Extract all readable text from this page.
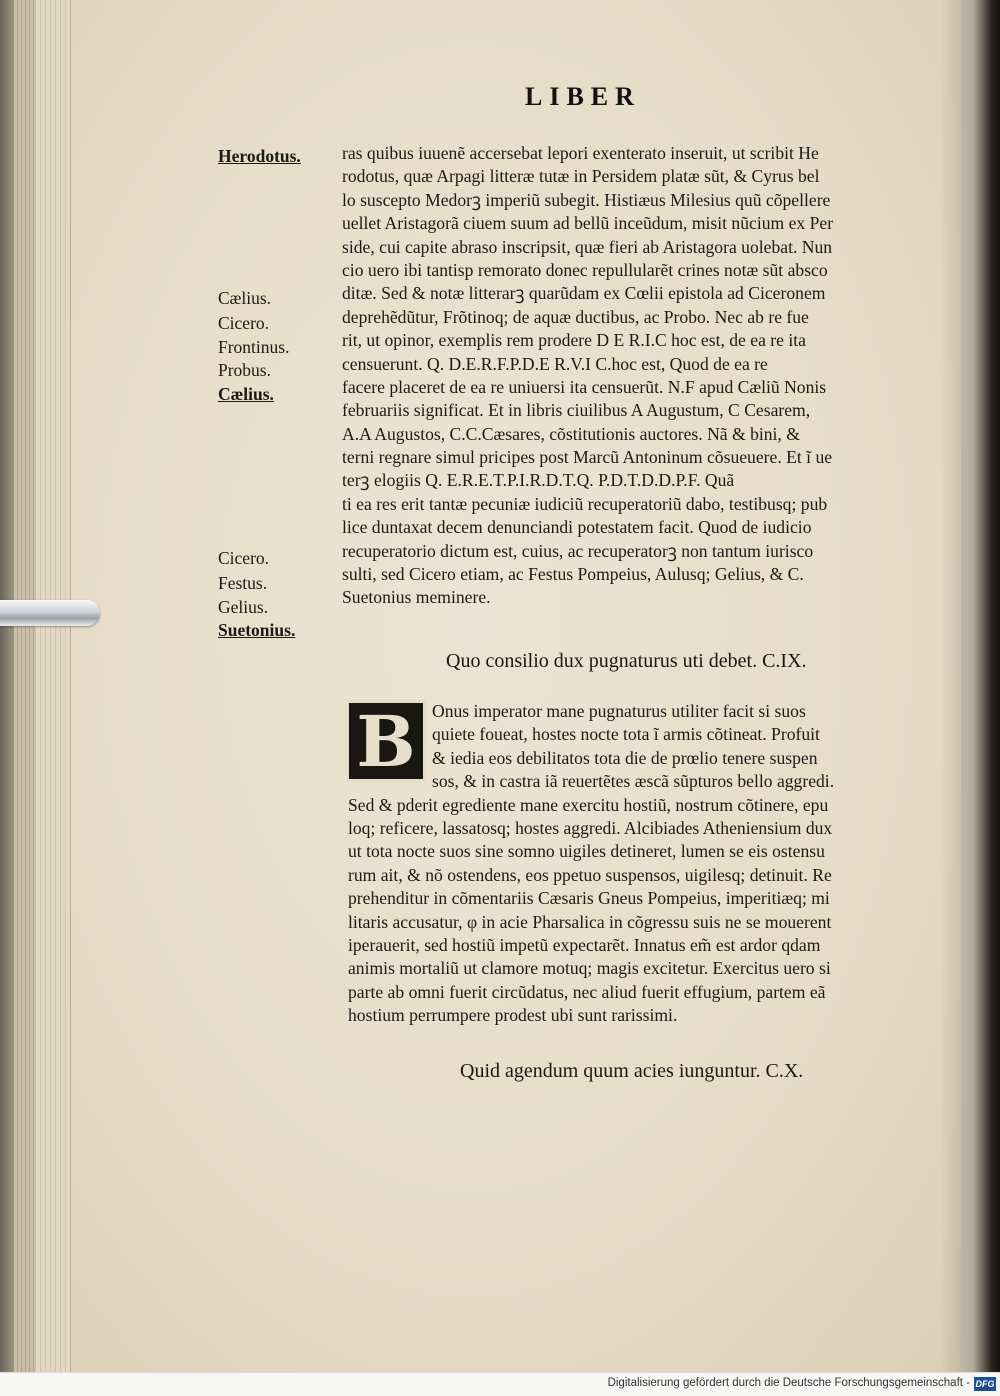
LIBER
Herodotus.
Cælius.
Cicero.
Frontinus.
Probus.
Cælius.
Cicero.
Festus.
Gelius.
Suetonius.
ras quibus iuuenẽ accersebat lepori exenterato inseruit, ut scribit He
rodotus, quæ Arpagi litteræ tutæ in Persidem platæ sũt, & Cyrus bel
lo suscepto Medorꝫ imperiũ subegit. Histiæus Milesius quũ cõpellere
uellet Aristagorã ciuem suum ad bellũ inceũdum, misit nũcium ex Per
side, cui capite abraso inscripsit, quæ fieri ab Aristagora uolebat. Nun
cio uero ibi tantisp remorato donec repullularẽt crines notæ sũt absco
ditæ. Sed & notæ litterarꝫ quarũdam ex Cœlii epistola ad Ciceronem
deprehẽdũtur, Frõtinoq; de aquæ ductibus, ac Probo. Nec ab re fue
rit, ut opinor, exemplis rem prodere D E R.I.C hoc est, de ea re ita
censuerunt. Q. D.E.R.F.P.D.E R.V.I C.hoc est, Quod de ea re
facere placeret de ea re uniuersi ita censuerũt. N.F apud Cæliũ Nonis
februariis significat. Et in libris ciuilibus A Augustum, C Cesarem,
A.A Augustos, C.C.Cæsares, cõstitutionis auctores. Nã & bini, &
terni regnare simul pricipes post Marcũ Antoninum cõsueuere. Et ĩ ue
terꝫ elogiis Q. E.R.E.T.P.I.R.D.T.Q. P.D.T.D.D.P.F. Quã
ti ea res erit tantæ pecuniæ iudiciũ recuperatoriũ dabo, testibusq; pub
lice duntaxat decem denunciandi potestatem facit. Quod de iudicio
recuperatorio dictum est, cuius, ac recuperatorꝫ non tantum iurisco
sulti, sed Cicero etiam, ac Festus Pompeius, Aulusq; Gelius, & C.
Suetonius meminere.
Quo consilio dux pugnaturus uti debet. C.IX.
B Onus imperator mane pugnaturus utiliter facit si suos
quiete foueat, hostes nocte tota ĩ armis cõtineat. Profuit
& iedia eos debilitatos tota die de prœlio tenere suspen
sos, & in castra iã reuertẽtes æscã sũpturos bello aggredi.
Sed & pderit egrediente mane exercitu hostiũ, nostrum cõtinere, epu
loq; reficere, lassatosq; hostes aggredi. Alcibiades Atheniensium dux
ut tota nocte suos sine somno uigiles detineret, lumen se eis ostensu
rum ait, & nõ ostendens, eos ppetuo suspensos, uigilesq; detinuit. Re
prehenditur in cõmentariis Cæsaris Gneus Pompeius, imperitiæq; mi
litaris accusatur, φ in acie Pharsalica in cõgressu suis ne se mouerent
iperauerit, sed hostiũ impetũ expectarẽt. Innatus em̃ est ardor qdam
animis mortaliũ ut clamore motuq; magis excitetur. Exercitus uero si
parte ab omni fuerit circũdatus, nec aliud fuerit effugium, partem eã
hostium perrumpere prodest ubi sunt rarissimi.
Quid agendum quum acies iunguntur. C.X.
Digitalisierung gefördert durch die Deutsche Forschungsgemeinschaft - DFG
